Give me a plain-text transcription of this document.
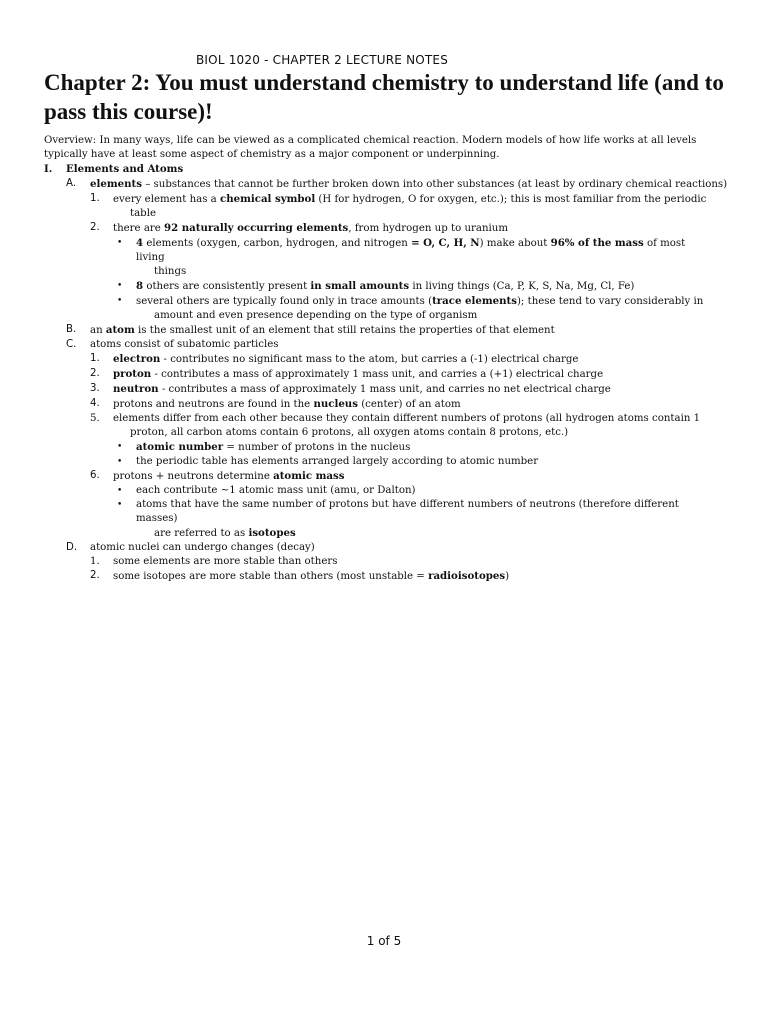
BIOL 1020 - CHAPTER 2 LECTURE NOTES
Chapter 2: You must understand chemistry to understand life (and to pass this course)!
Overview: In many ways, life can be viewed as a complicated chemical reaction. Modern models of how life works at all levels typically have at least some aspect of chemistry as a major component or underpinning.
I. Elements and Atoms
A. elements – substances that cannot be further broken down into other substances (at least by ordinary chemical reactions)
1. every element has a chemical symbol (H for hydrogen, O for oxygen, etc.); this is most familiar from the periodic
table
2. there are 92 naturally occurring elements, from hydrogen up to uranium
• 4 elements (oxygen, carbon, hydrogen, and nitrogen = O, C, H, N) make about 96% of the mass of most living
things
• 8 others are consistently present in small amounts in living things (Ca, P, K, S, Na, Mg, Cl, Fe)
• several others are typically found only in trace amounts (trace elements); these tend to vary considerably in
amount and even presence depending on the type of organism
B. an atom is the smallest unit of an element that still retains the properties of that element
C. atoms consist of subatomic particles
1. electron - contributes no significant mass to the atom, but carries a (-1) electrical charge
2. proton - contributes a mass of approximately 1 mass unit, and carries a (+1) electrical charge
3. neutron - contributes a mass of approximately 1 mass unit, and carries no net electrical charge
4. protons and neutrons are found in the nucleus (center) of an atom
5. elements differ from each other because they contain different numbers of protons (all hydrogen atoms contain 1
proton, all carbon atoms contain 6 protons, all oxygen atoms contain 8 protons, etc.)
• atomic number = number of protons in the nucleus
• the periodic table has elements arranged largely according to atomic number
6. protons + neutrons determine atomic mass
• each contribute ~1 atomic mass unit (amu, or Dalton)
• atoms that have the same number of protons but have different numbers of neutrons (therefore different masses)
are referred to as isotopes
D. atomic nuclei can undergo changes (decay)
1. some elements are more stable than others
2. some isotopes are more stable than others (most unstable = radioisotopes)
1 of 5
